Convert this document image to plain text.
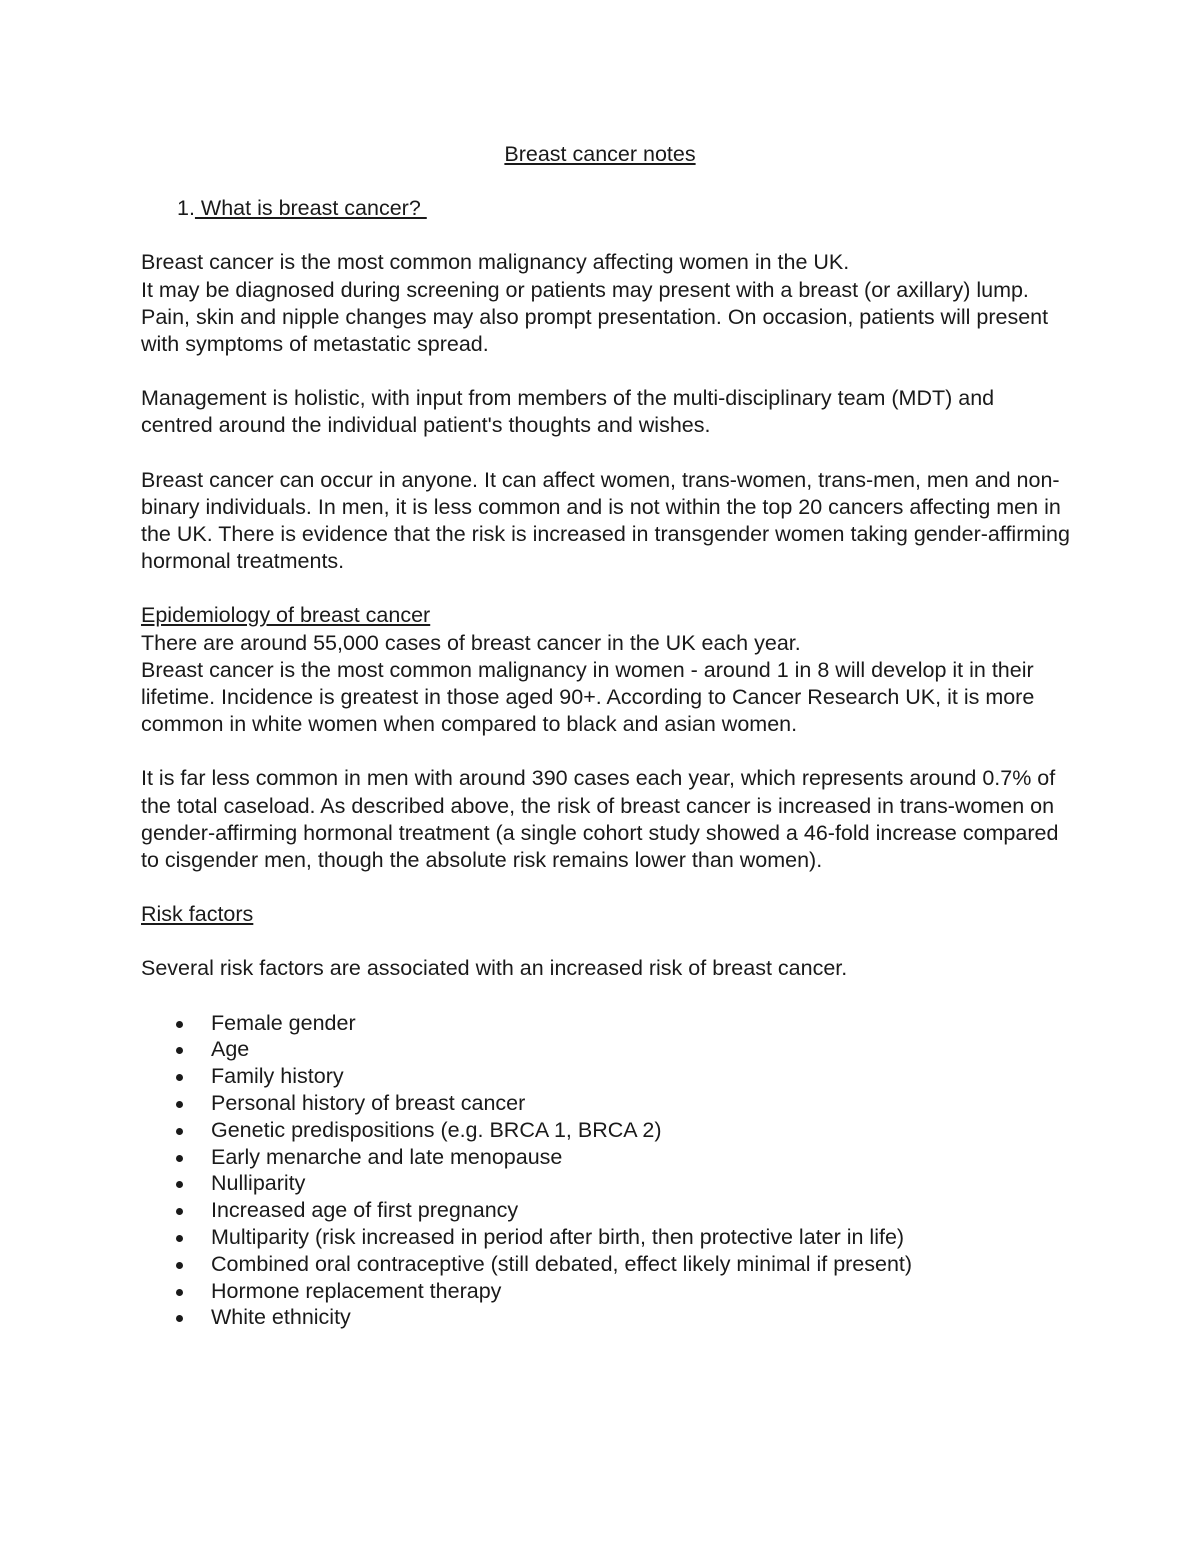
Breast cancer notes
1. What is breast cancer?

Breast cancer is the most common malignancy affecting women in the UK.

It may be diagnosed during screening or patients may present with a breast (or axillary) lump. Pain, skin and nipple changes may also prompt presentation. On occasion, patients will present with symptoms of metastatic spread.

Management is holistic, with input from members of the multi-disciplinary team (MDT) and centred around the individual patient's thoughts and wishes.

Breast cancer can occur in anyone. It can affect women, trans-women, trans-men, men and non-binary individuals. In men, it is less common and is not within the top 20 cancers affecting men in the UK. There is evidence that the risk is increased in transgender women taking gender-affirming hormonal treatments.

Epidemiology of breast cancer

There are around 55,000 cases of breast cancer in the UK each year.

Breast cancer is the most common malignancy in women - around 1 in 8 will develop it in their lifetime. Incidence is greatest in those aged 90+. According to Cancer Research UK, it is more common in white women when compared to black and asian women.

It is far less common in men with around 390 cases each year, which represents around 0.7% of the total caseload. As described above, the risk of breast cancer is increased in trans-women on gender-affirming hormonal treatment (a single cohort study showed a 46-fold increase compared to cisgender men, though the absolute risk remains lower than women).

Risk factors

Several risk factors are associated with an increased risk of breast cancer.

Female gender
Age
Family history
Personal history of breast cancer
Genetic predispositions (e.g. BRCA 1, BRCA 2)
Early menarche and late menopause
Nulliparity
Increased age of first pregnancy
Multiparity (risk increased in period after birth, then protective later in life)
Combined oral contraceptive (still debated, effect likely minimal if present)
Hormone replacement therapy
White ethnicity
